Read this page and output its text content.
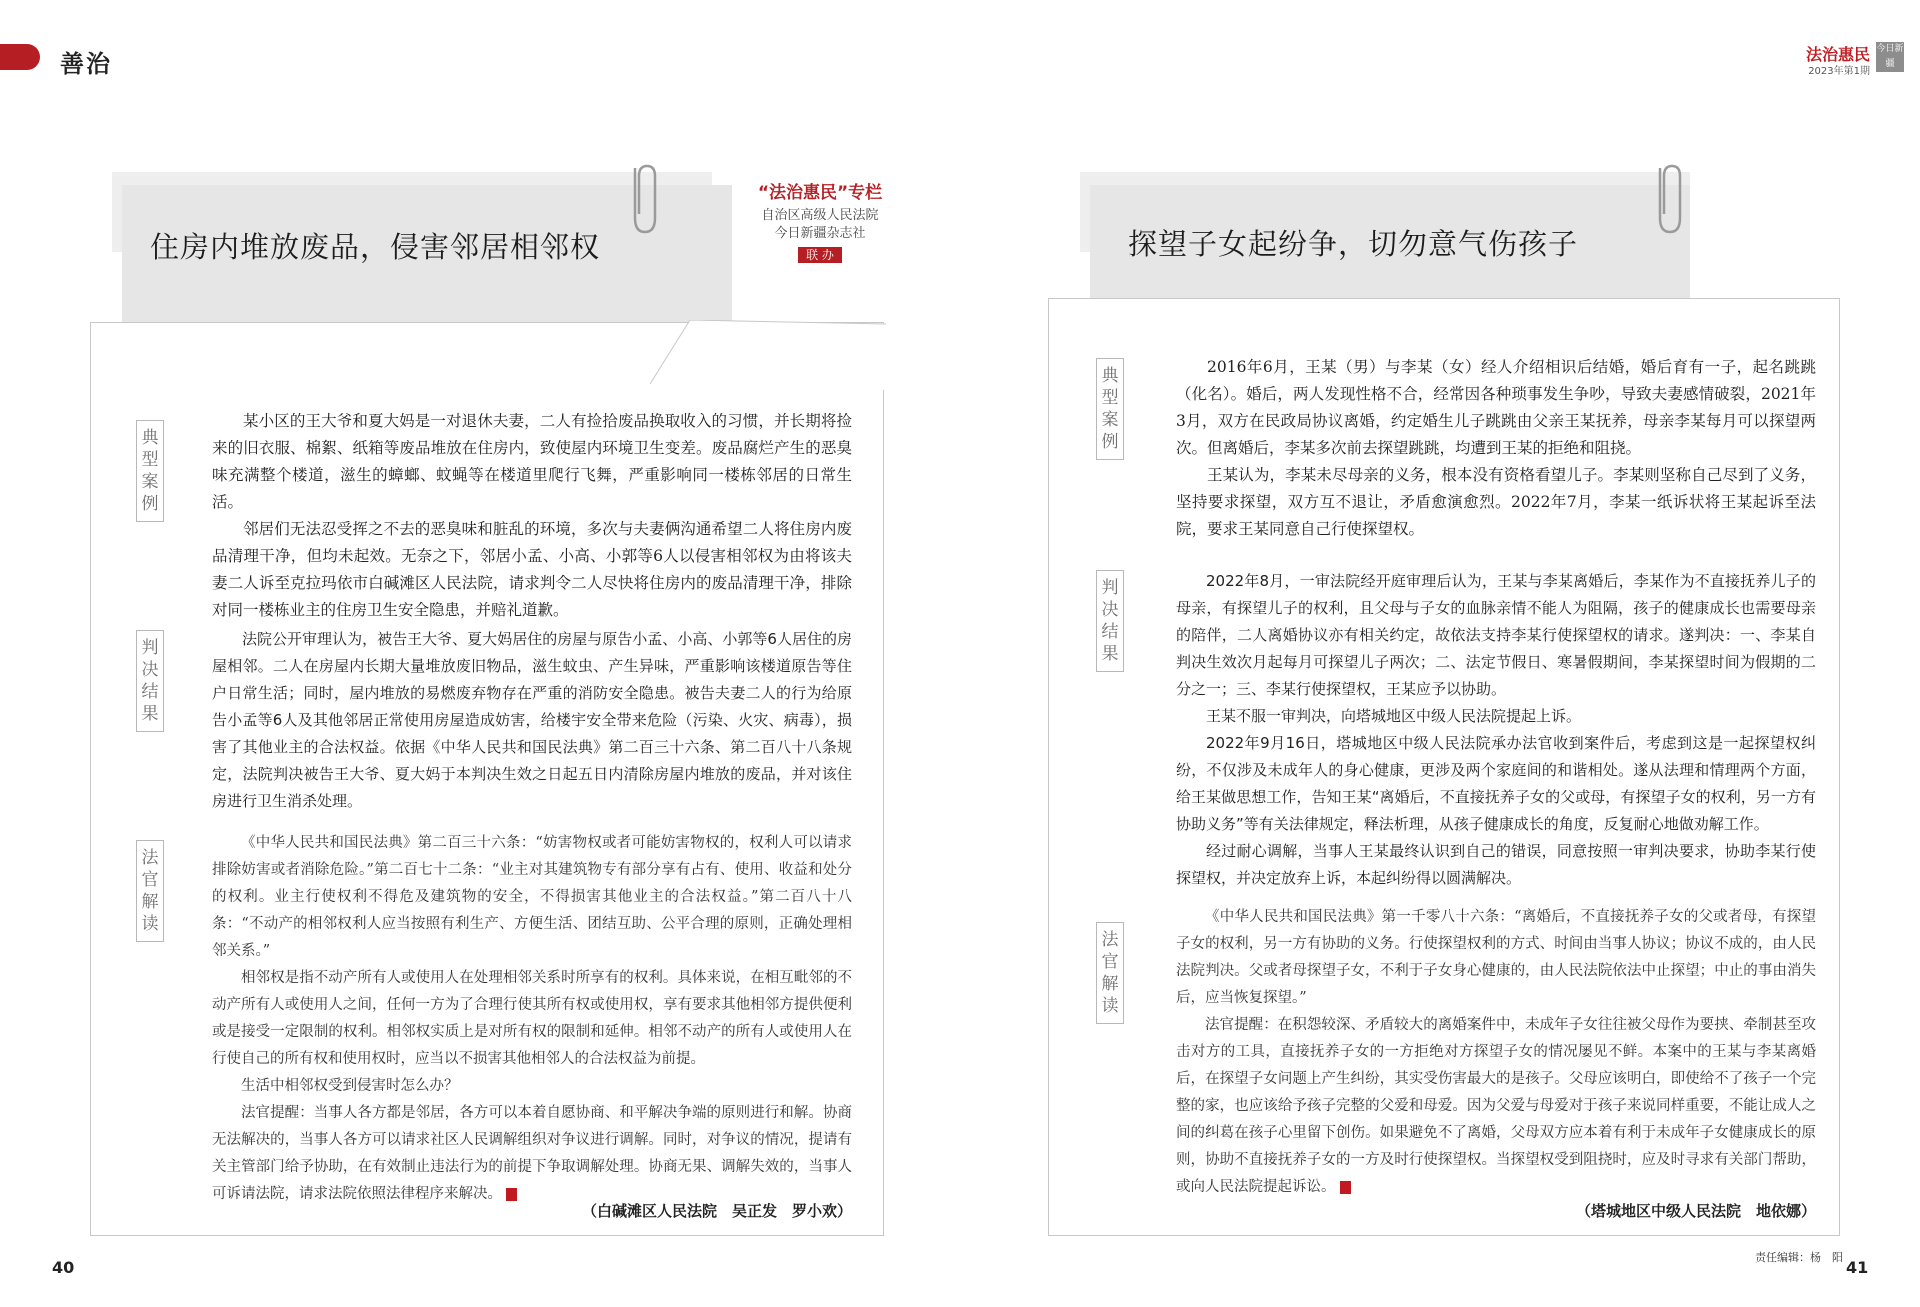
善治	法治惠民
2023年第1期
今日新疆
住房内堆放废品，侵害邻居相邻权
“法治惠民”专栏
自治区高级人民法院
今日新疆杂志社
联 办
典
型
案
例

某小区的王大爷和夏大妈是一对退休夫妻，二人有捡拾废品换取收入的习惯，并长期将捡来的旧衣服、棉絮、纸箱等废品堆放在住房内，致使屋内环境卫生变差。废品腐烂产生的恶臭味充满整个楼道，滋生的蟑螂、蚊蝇等在楼道里爬行飞舞，严重影响同一楼栋邻居的日常生活。

邻居们无法忍受挥之不去的恶臭味和脏乱的环境，多次与夫妻俩沟通希望二人将住房内废品清理干净，但均未起效。无奈之下，邻居小孟、小高、小郭等6人以侵害相邻权为由将该夫妻二人诉至克拉玛依市白碱滩区人民法院，请求判令二人尽快将住房内的废品清理干净，排除对同一楼栋业主的住房卫生安全隐患，并赔礼道歉。

判
决
结
果

法院公开审理认为，被告王大爷、夏大妈居住的房屋与原告小孟、小高、小郭等6人居住的房屋相邻。二人在房屋内长期大量堆放废旧物品，滋生蚊虫、产生异味，严重影响该楼道原告等住户日常生活；同时，屋内堆放的易燃废弃物存在严重的消防安全隐患。被告夫妻二人的行为给原告小孟等6人及其他邻居正常使用房屋造成妨害，给楼宇安全带来危险（污染、火灾、病毒），损害了其他业主的合法权益。依据《中华人民共和国民法典》第二百三十六条、第二百八十八条规定，法院判决被告王大爷、夏大妈于本判决生效之日起五日内清除房屋内堆放的废品，并对该住房进行卫生消杀处理。

法
官
解
读

《中华人民共和国民法典》第二百三十六条：“妨害物权或者可能妨害物权的，权利人可以请求排除妨害或者消除危险。”第二百七十二条：“业主对其建筑物专有部分享有占有、使用、收益和处分的权利。业主行使权利不得危及建筑物的安全，不得损害其他业主的合法权益。”第二百八十八条：“不动产的相邻权利人应当按照有利生产、方便生活、团结互助、公平合理的原则，正确处理相邻关系。”

相邻权是指不动产所有人或使用人在处理相邻关系时所享有的权利。具体来说，在相互毗邻的不动产所有人或使用人之间，任何一方为了合理行使其所有权或使用权，享有要求其他相邻方提供便利或是接受一定限制的权利。相邻权实质上是对所有权的限制和延伸。相邻不动产的所有人或使用人在行使自己的所有权和使用权时，应当以不损害其他相邻人的合法权益为前提。

生活中相邻权受到侵害时怎么办？

法官提醒：当事人各方都是邻居，各方可以本着自愿协商、和平解决争端的原则进行和解。协商无法解决的，当事人各方可以请求社区人民调解组织对争议进行调解。同时，对争议的情况，提请有关主管部门给予协助，在有效制止违法行为的前提下争取调解处理。协商无果、调解失效的，当事人可诉请法院，请求法院依照法律程序来解决。

（白碱滩区人民法院　吴正发　罗小欢）
探望子女起纷争，切勿意气伤孩子
典
型
案
例

2016年6月，王某（男）与李某（女）经人介绍相识后结婚，婚后育有一子，起名跳跳（化名）。婚后，两人发现性格不合，经常因各种琐事发生争吵，导致夫妻感情破裂，2021年3月，双方在民政局协议离婚，约定婚生儿子跳跳由父亲王某抚养，母亲李某每月可以探望两次。但离婚后，李某多次前去探望跳跳，均遭到王某的拒绝和阻挠。

王某认为，李某未尽母亲的义务，根本没有资格看望儿子。李某则坚称自己尽到了义务，坚持要求探望，双方互不退让，矛盾愈演愈烈。2022年7月，李某一纸诉状将王某起诉至法院，要求王某同意自己行使探望权。

判
决
结
果

2022年8月，一审法院经开庭审理后认为，王某与李某离婚后，李某作为不直接抚养儿子的母亲，有探望儿子的权利，且父母与子女的血脉亲情不能人为阻隔，孩子的健康成长也需要母亲的陪伴，二人离婚协议亦有相关约定，故依法支持李某行使探望权的请求。遂判决：一、李某自判决生效次月起每月可探望儿子两次；二、法定节假日、寒暑假期间，李某探望时间为假期的二分之一；三、李某行使探望权，王某应予以协助。

王某不服一审判决，向塔城地区中级人民法院提起上诉。

2022年9月16日，塔城地区中级人民法院承办法官收到案件后，考虑到这是一起探望权纠纷，不仅涉及未成年人的身心健康，更涉及两个家庭间的和谐相处。遂从法理和情理两个方面，给王某做思想工作，告知王某“离婚后，不直接抚养子女的父或母，有探望子女的权利，另一方有协助义务”等有关法律规定，释法析理，从孩子健康成长的角度，反复耐心地做劝解工作。

经过耐心调解，当事人王某最终认识到自己的错误，同意按照一审判决要求，协助李某行使探望权，并决定放弃上诉，本起纠纷得以圆满解决。

法
官
解
读

《中华人民共和国民法典》第一千零八十六条：“离婚后，不直接抚养子女的父或者母，有探望子女的权利，另一方有协助的义务。行使探望权利的方式、时间由当事人协议；协议不成的，由人民法院判决。父或者母探望子女，不利于子女身心健康的，由人民法院依法中止探望；中止的事由消失后，应当恢复探望。”

法官提醒：在积怨较深、矛盾较大的离婚案件中，未成年子女往往被父母作为要挟、牵制甚至攻击对方的工具，直接抚养子女的一方拒绝对方探望子女的情况屡见不鲜。本案中的王某与李某离婚后，在探望子女问题上产生纠纷，其实受伤害最大的是孩子。父母应该明白，即使给不了孩子一个完整的家，也应该给予孩子完整的父爱和母爱。因为父爱与母爱对于孩子来说同样重要，不能让成人之间的纠葛在孩子心里留下创伤。如果避免不了离婚，父母双方应本着有利于未成年子女健康成长的原则，协助不直接抚养子女的一方及时行使探望权。当探望权受到阻挠时，应及时寻求有关部门帮助，或向人民法院提起诉讼。

（塔城地区中级人民法院　地依娜）
40
责任编辑：杨　阳
41
